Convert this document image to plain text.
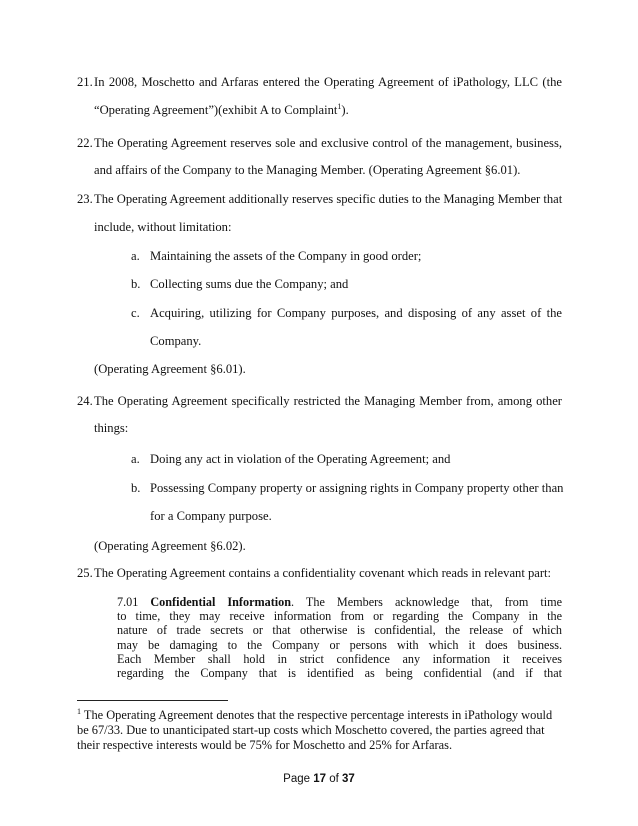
21. In 2008, Moschetto and Arfaras entered the Operating Agreement of iPathology, LLC (the
“Operating Agreement”)(exhibit A to Complaint$^1$).
22. The Operating Agreement reserves sole and exclusive control of the management, business,
and affairs of the Company to the Managing Member. (Operating Agreement §6.01).
23. The Operating Agreement additionally reserves specific duties to the Managing Member that
include, without limitation:
a. Maintaining the assets of the Company in good order;
b. Collecting sums due the Company; and
c. Acquiring, utilizing for Company purposes, and disposing of any asset of the
Company.
(Operating Agreement §6.01).
24. The Operating Agreement specifically restricted the Managing Member from, among other
things:
a. Doing any act in violation of the Operating Agreement; and
b. Possessing Company property or assigning rights in Company property other than
for a Company purpose.
(Operating Agreement §6.02).
25. The Operating Agreement contains a confidentiality covenant which reads in relevant part:
7.01 Confidential Information. The Members acknowledge that, from time
to time, they may receive information from or regarding the Company in the
nature of trade secrets or that otherwise is confidential, the release of which
may be damaging to the Company or persons with which it does business.
Each Member shall hold in strict confidence any information it receives
regarding the Company that is identified as being confidential (and if that
$^1$ The Operating Agreement denotes that the respective percentage interests in iPathology would
be 67/33. Due to unanticipated start-up costs which Moschetto covered, the parties agreed that
their respective interests would be 75% for Moschetto and 25% for Arfaras.
Page 17 of 37
